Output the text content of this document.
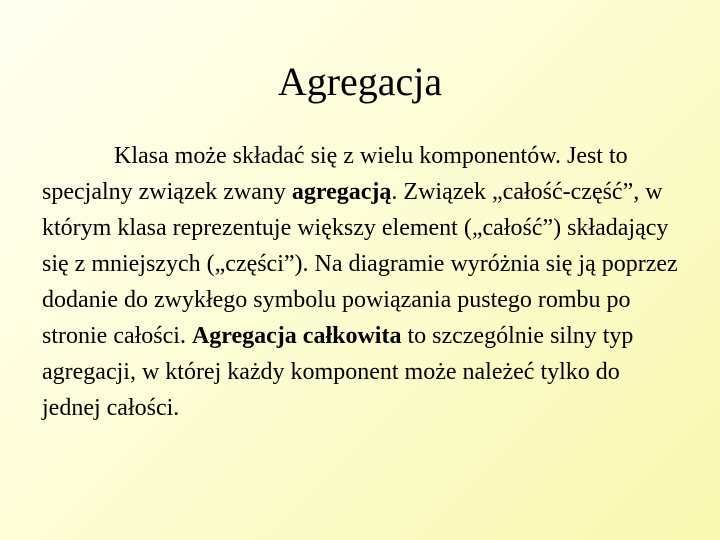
Agregacja

Klasa może składać się z wielu komponentów. Jest to specjalny związek zwany agregacją. Związek „całość-część”, w którym klasa reprezentuje większy element („całość”) składający się z mniejszych („części”). Na diagramie wyróżnia się ją poprzez dodanie do zwykłego symbolu powiązania pustego rombu po stronie całości. Agregacja całkowita to szczególnie silny typ agregacji, w której każdy komponent może należeć tylko do jednej całości.
